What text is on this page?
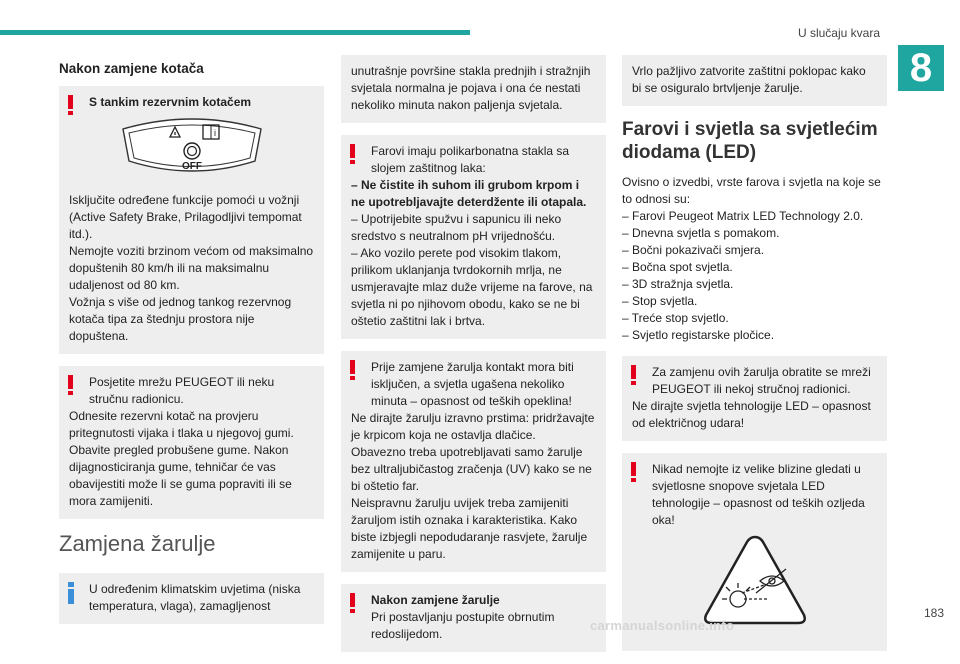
U slučaju kvara
8
Nakon zamjene kotača
S tankim rezervnim kotačem
i
OFF

Isključite određene funkcije pomoći u vožnji (Active Safety Brake, Prilagodljivi tempomat itd.).

Nemojte voziti brzinom većom od maksimalno dopuštenih 80 km/h ili na maksimalnu udaljenost od 80 km.

Vožnja s više od jednog tankog rezervnog kotača tipa za štednju prostora nije dopuštena.

Posjetite mrežu PEUGEOT ili neku stručnu radionicu.

Odnesite rezervni kotač na provjeru pritegnutosti vijaka i tlaka u njegovoj gumi. Obavite pregled probušene gume. Nakon dijagnosticiranja gume, tehničar će vas obavijestiti može li se guma popraviti ili se mora zamijeniti.

Zamjena žarulje
U određenim klimatskim uvjetima (niska temperatura, vlaga), zamagljenost

unutrašnje površine stakla prednjih i stražnjih svjetala normalna je pojava i ona će nestati nekoliko minuta nakon paljenja svjetala.

Farovi imaju polikarbonatna stakla sa slojem zaštitnog laka:

– Ne čistite ih suhom ili grubom krpom i ne upotrebljavajte deterdžente ili otapala.

– Upotrijebite spužvu i sapunicu ili neko sredstvo s neutralnom pH vrijednošću.

– Ako vozilo perete pod visokim tlakom, prilikom uklanjanja tvrdokornih mrlja, ne usmjeravajte mlaz duže vrijeme na farove, na svjetla ni po njihovom obodu, kako se ne bi oštetio zaštitni lak i brtva.

Prije zamjene žarulja kontakt mora biti isključen, a svjetla ugašena nekoliko minuta – opasnost od teških opeklina!

Ne dirajte žarulju izravno prstima: pridržavajte je krpicom koja ne ostavlja dlačice.

Obavezno treba upotrebljavati samo žarulje bez ultraljubičastog zračenja (UV) kako se ne bi oštetio far.

Neispravnu žarulju uvijek treba zamijeniti žaruljom istih oznaka i karakteristika. Kako biste izbjegli nepodudaranje rasvjete, žarulje zamijenite u paru.

Nakon zamjene žarulje
Pri postavljanju postupite obrnutim redoslijedom.

Vrlo pažljivo zatvorite zaštitni poklopac kako bi se osiguralo brtvljenje žarulje.

Farovi i svjetla sa svjetlećim diodama (LED)
Ovisno o izvedbi, vrste farova i svjetla na koje se to odnosi su:
– Farovi Peugeot Matrix LED Technology 2.0.
– Dnevna svjetla s pomakom.
– Bočni pokazivači smjera.
– Bočna spot svjetla.
– 3D stražnja svjetla.
– Stop svjetla.
– Treće stop svjetlo.
– Svjetlo registarske pločice.
Za zamjenu ovih žarulja obratite se mreži PEUGEOT ili nekoj stručnoj radionici.

Ne dirajte svjetla tehnologije LED – opasnost od električnog udara!

Nikad nemojte iz velike blizine gledati u svjetlosne snopove svjetala LED tehnologije – opasnost od teških ozljeda oka!
183
carmanualsonline.info
